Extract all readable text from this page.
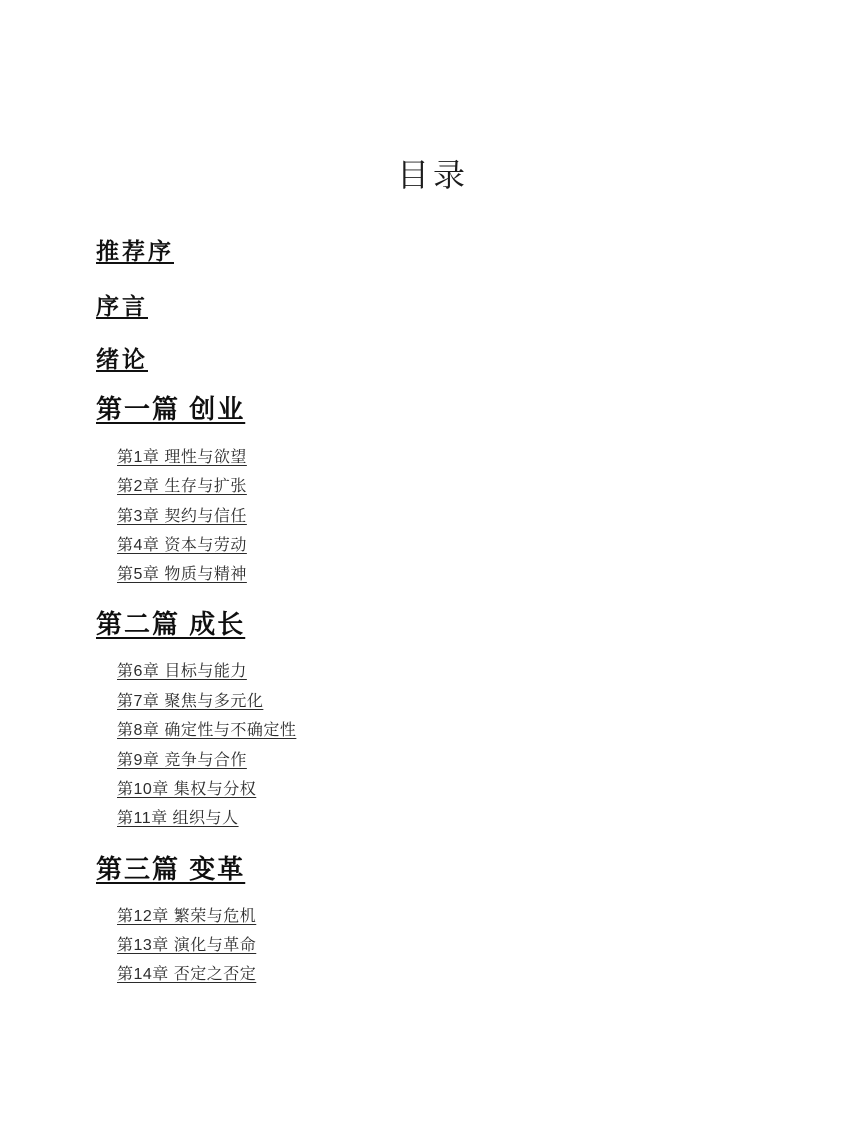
目录
推荐序
序言
绪论
第一篇 创业
第1章 理性与欲望
第2章 生存与扩张
第3章 契约与信任
第4章 资本与劳动
第5章 物质与精神
第二篇 成长
第6章 目标与能力
第7章 聚焦与多元化
第8章 确定性与不确定性
第9章 竞争与合作
第10章 集权与分权
第11章 组织与人
第三篇 变革
第12章 繁荣与危机
第13章 演化与革命
第14章 否定之否定
